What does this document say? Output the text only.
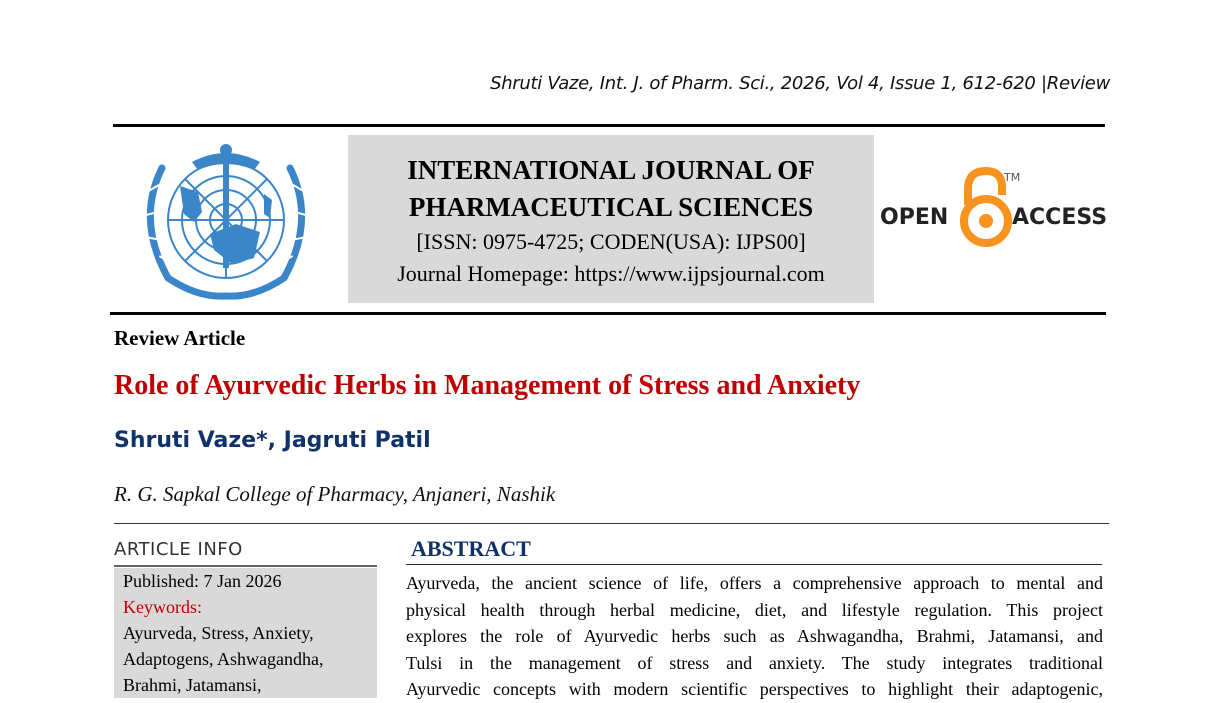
Shruti Vaze, Int. J. of Pharm. Sci., 2026, Vol 4, Issue 1, 612-620 |Review
INTERNATIONAL JOURNAL OF
PHARMACEUTICAL SCIENCES
[ISSN: 0975-4725; CODEN(USA): IJPS00]
Journal Homepage: https://www.ijpsjournal.com
OPEN	ACCESS
TM
Review Article
Role of Ayurvedic Herbs in Management of Stress and Anxiety
Shruti Vaze*, Jagruti Patil
R. G. Sapkal College of Pharmacy, Anjaneri, Nashik
ARTICLE INFO
Published: 7 Jan 2026
Keywords:
Ayurveda, Stress, Anxiety,
Adaptogens, Ashwagandha,
Brahmi, Jatamansi,
ABSTRACT

Ayurveda, the ancient science of life, offers a comprehensive approach to mental and

physical health through herbal medicine, diet, and lifestyle regulation. This project

explores the role of Ayurvedic herbs such as Ashwagandha, Brahmi, Jatamansi, and

Tulsi in the management of stress and anxiety. The study integrates traditional

Ayurvedic concepts with modern scientific perspectives to highlight their adaptogenic,
